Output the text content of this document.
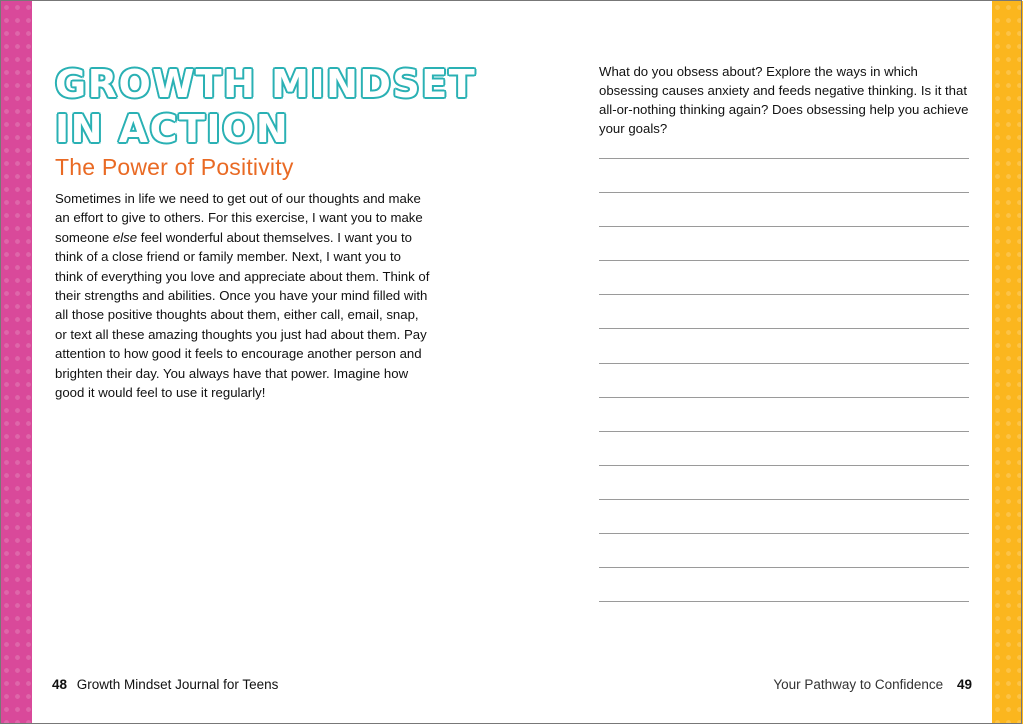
GROWTH MINDSET
IN ACTION
The Power of Positivity

Sometimes in life we need to get out of our thoughts and make an effort to give to others. For this exercise, I want you to make someone else feel wonderful about themselves. I want you to think of a close friend or family member. Next, I want you to think of everything you love and appreciate about them. Think of their strengths and abilities. Once you have your mind filled with all those positive thoughts about them, either call, email, snap, or text all these amazing thoughts you just had about them. Pay attention to how good it feels to encourage another person and brighten their day. You always have that power. Imagine how good it would feel to use it regularly!

What do you obsess about? Explore the ways in which obsessing causes anxiety and feeds negative thinking. Is it that all-or-nothing thinking again? Does obsessing help you achieve your goals?

48 Growth Mindset Journal for Teens	Your Pathway to Confidence 49
